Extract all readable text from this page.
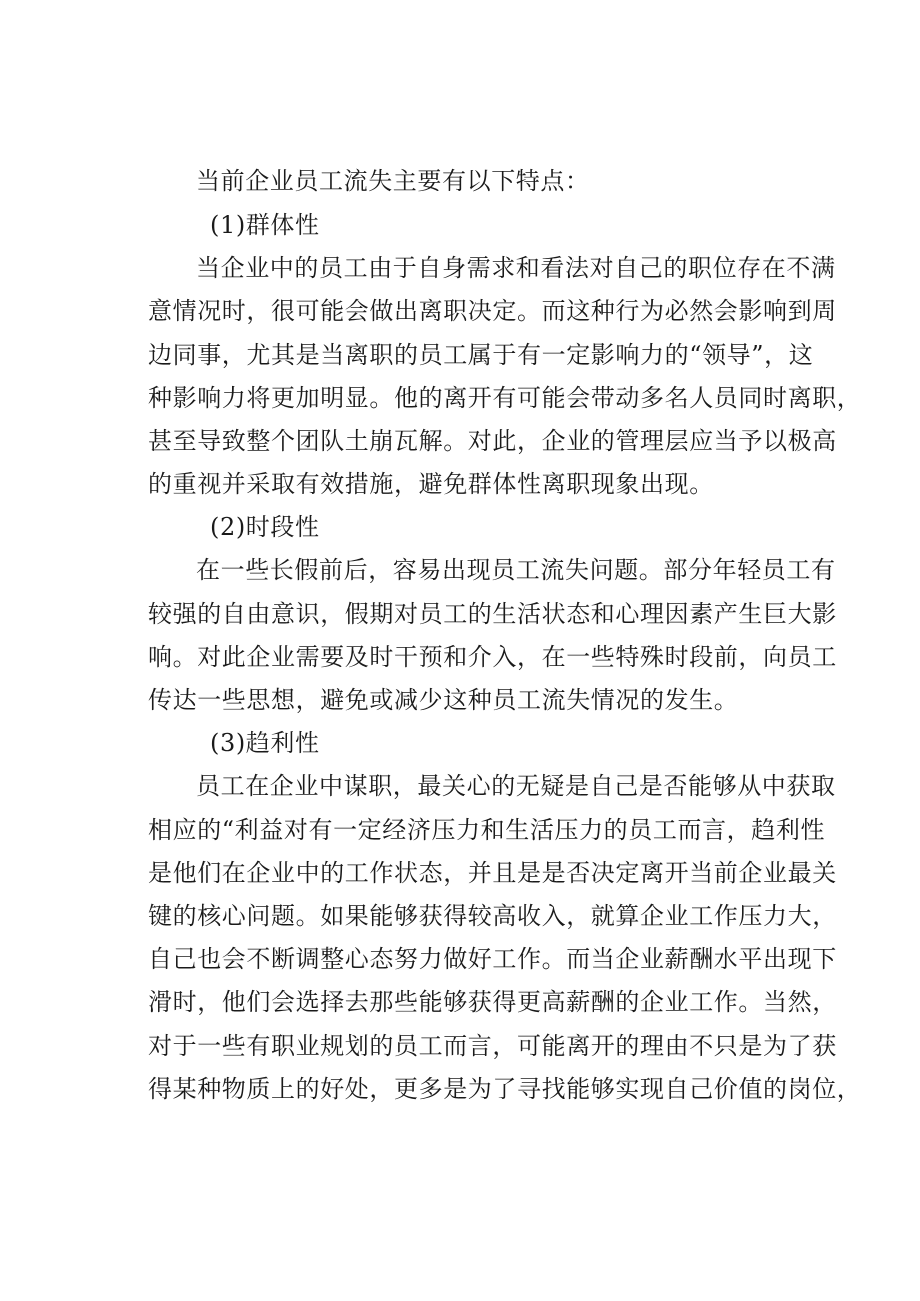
当前企业员工流失主要有以下特点：
(1)群体性
当企业中的员工由于自身需求和看法对自己的职位存在不满
意情况时，很可能会做出离职决定。而这种行为必然会影响到周
边同事，尤其是当离职的员工属于有一定影响力的“领导”，这
种影响力将更加明显。他的离开有可能会带动多名人员同时离职，
甚至导致整个团队土崩瓦解。对此，企业的管理层应当予以极高
的重视并采取有效措施，避免群体性离职现象出现。
(2)时段性
在一些长假前后，容易出现员工流失问题。部分年轻员工有
较强的自由意识，假期对员工的生活状态和心理因素产生巨大影
响。对此企业需要及时干预和介入，在一些特殊时段前，向员工
传达一些思想，避免或减少这种员工流失情况的发生。
(3)趋利性
员工在企业中谋职，最关心的无疑是自己是否能够从中获取
相应的“利益对有一定经济压力和生活压力的员工而言，趋利性
是他们在企业中的工作状态，并且是是否决定离开当前企业最关
键的核心问题。如果能够获得较高收入，就算企业工作压力大，
自己也会不断调整心态努力做好工作。而当企业薪酬水平出现下
滑时，他们会选择去那些能够获得更高薪酬的企业工作。当然，
对于一些有职业规划的员工而言，可能离开的理由不只是为了获
得某种物质上的好处，更多是为了寻找能够实现自己价值的岗位，
